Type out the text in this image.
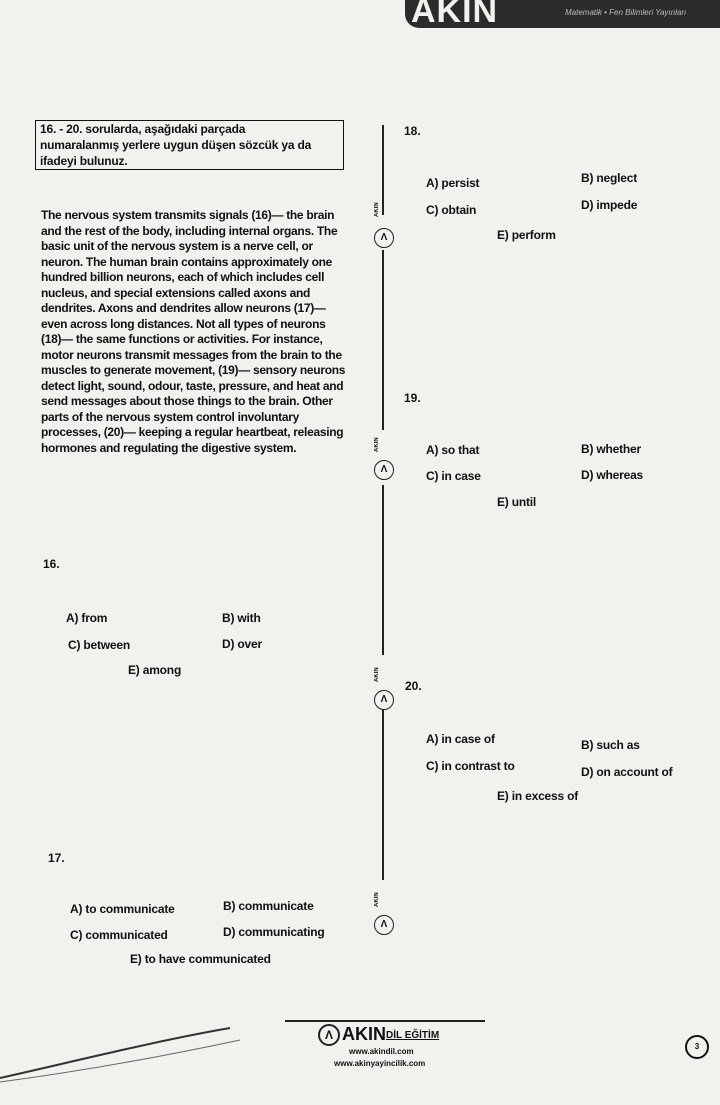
AKIN	Matematik • Fen Bilimleri Yayınları
16. - 20. sorularda, aşağıdaki parçada
numaralanmış yerlere uygun düşen sözcük ya da
ifadeyi bulunuz.
The nervous system transmits signals (16)— the brain
and the rest of the body, including internal organs. The
basic unit of the nervous system is a nerve cell, or
neuron. The human brain contains approximately one
hundred billion neurons, each of which includes cell
nucleus, and special extensions called axons and
dendrites. Axons and dendrites allow neurons (17)—
even across long distances. Not all types of neurons
(18)— the same functions or activities. For instance,
motor neurons transmit messages from the brain to the
muscles to generate movement, (19)— sensory neurons
detect light, sound, odour, taste, pressure, and heat and
send messages about those things to the brain. Other
parts of the nervous system control involuntary
processes, (20)— keeping a regular heartbeat, releasing
hormones and regulating the digestive system.
AKIN
Λ
AKIN
Λ
AKIN
Λ
AKIN
Λ
16.
A) from	B) with
C) between	D) over
E) among
17.
A) to communicate	B) communicate
C) communicated	D) communicating
E) to have communicated
18.
A) persist	B) neglect
C) obtain	D) impede
E) perform
19.
A) so that	B) whether
C) in case	D) whereas
E) until
20.
A) in case of	B) such as
C) in contrast to	D) on account of
E) in excess of
Λ AKINDİL EĞİTİM
www.akindil.com
www.akinyayincilik.com
3
